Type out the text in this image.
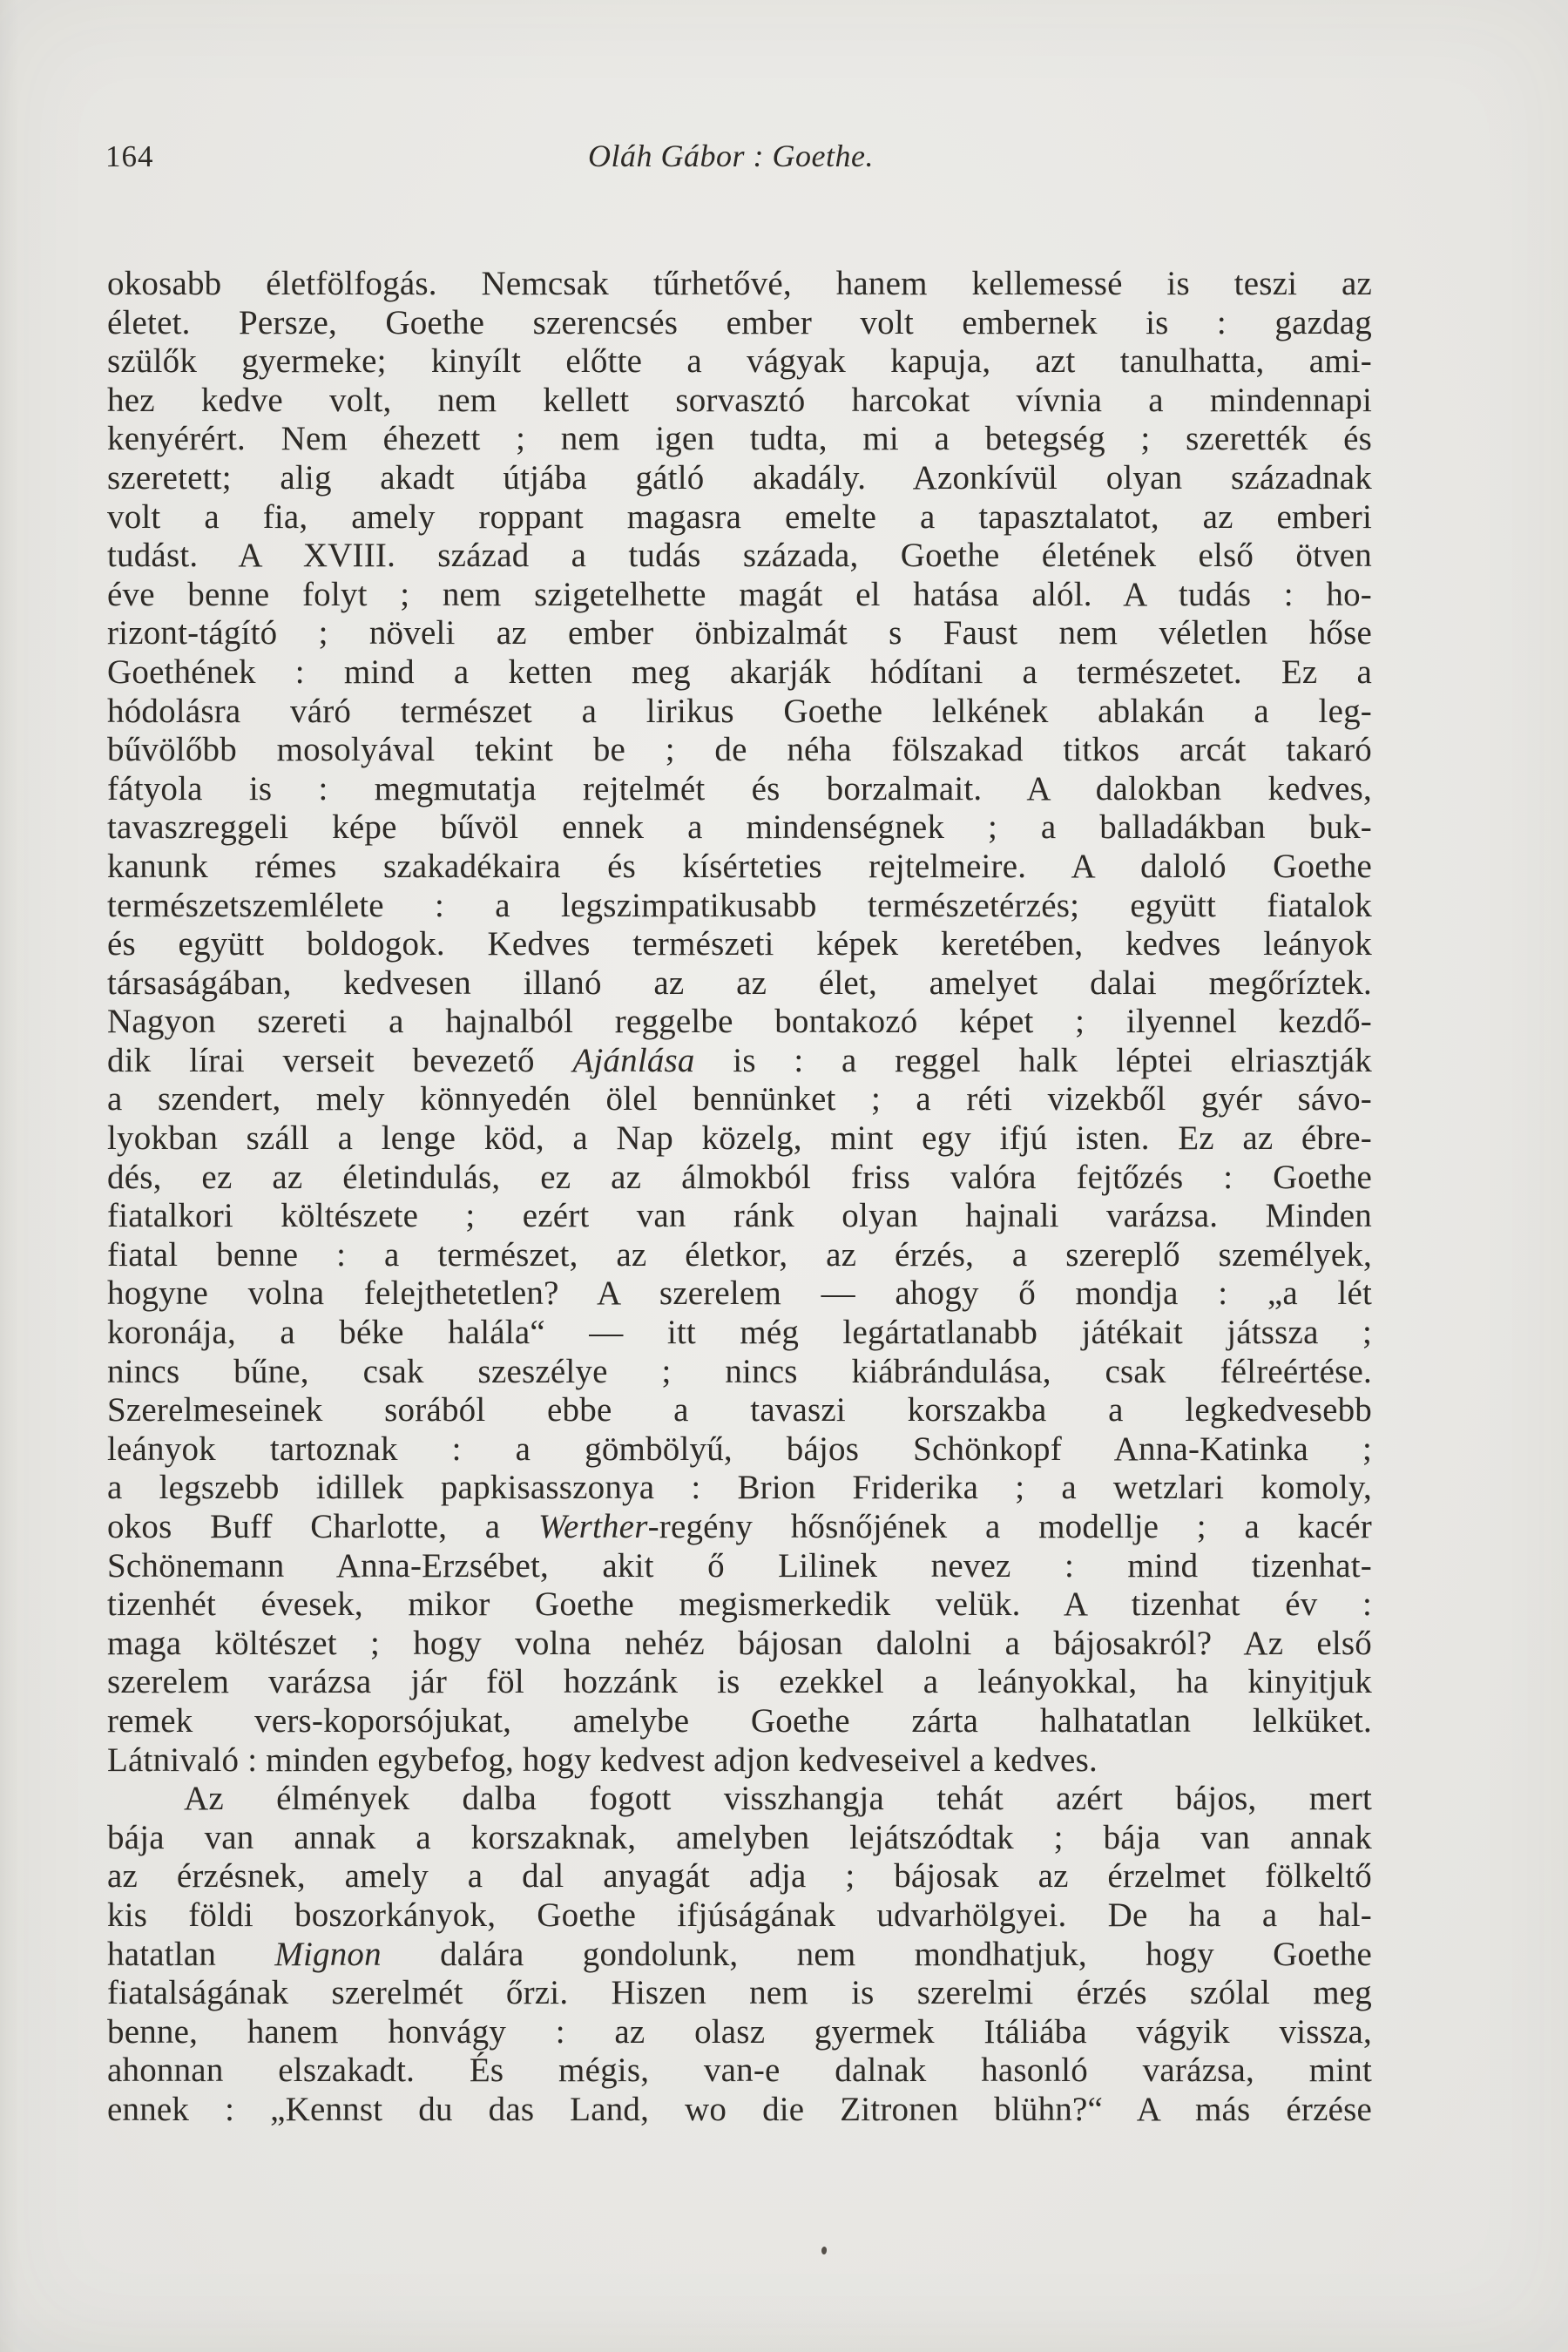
164	Oláh Gábor : Goethe.
okosabb életfölfogás. Nemcsak tűrhetővé, hanem kellemessé is teszi az
életet. Persze, Goethe szerencsés ember volt embernek is : gazdag
szülők gyermeke; kinyílt előtte a vágyak kapuja, azt tanulhatta, ami-
hez kedve volt, nem kellett sorvasztó harcokat vívnia a mindennapi
kenyérért. Nem éhezett ; nem igen tudta, mi a betegség ; szerették és
szeretett; alig akadt útjába gátló akadály. Azonkívül olyan századnak
volt a fia, amely roppant magasra emelte a tapasztalatot, az emberi
tudást. A XVIII. század a tudás százada, Goethe életének első ötven
éve benne folyt ; nem szigetelhette magát el hatása alól. A tudás : ho-
rizont-tágító ; növeli az ember önbizalmát s Faust nem véletlen hőse
Goethének : mind a ketten meg akarják hódítani a természetet. Ez a
hódolásra váró természet a lirikus Goethe lelkének ablakán a leg-
bűvölőbb mosolyával tekint be ; de néha fölszakad titkos arcát takaró
fátyola is : megmutatja rejtelmét és borzalmait. A dalokban kedves,
tavaszreggeli képe bűvöl ennek a mindenségnek ; a balladákban buk-
kanunk rémes szakadékaira és kísérteties rejtelmeire. A daloló Goethe
természetszemlélete : a legszimpatikusabb természetérzés; együtt fiatalok
és együtt boldogok. Kedves természeti képek keretében, kedves leányok
társaságában, kedvesen illanó az az élet, amelyet dalai megőríztek.
Nagyon szereti a hajnalból reggelbe bontakozó képet ; ilyennel kezdő-
dik lírai verseit bevezető Ajánlása is : a reggel halk léptei elriasztják
a szendert, mely könnyedén ölel bennünket ; a réti vizekből gyér sávo-
lyokban száll a lenge köd, a Nap közelg, mint egy ifjú isten. Ez az ébre-
dés, ez az életindulás, ez az álmokból friss valóra fejtőzés : Goethe
fiatalkori költészete ; ezért van ránk olyan hajnali varázsa. Minden
fiatal benne : a természet, az életkor, az érzés, a szereplő személyek,
hogyne volna felejthetetlen? A szerelem — ahogy ő mondja : „a lét
koronája, a béke halála“ — itt még legártatlanabb játékait játssza ;
nincs bűne, csak szeszélye ; nincs kiábrándulása, csak félreértése.
Szerelmeseinek sorából ebbe a tavaszi korszakba a legkedvesebb
leányok tartoznak : a gömbölyű, bájos Schönkopf Anna-Katinka ;
a legszebb idillek papkisasszonya : Brion Friderika ; a wetzlari komoly,
okos Buff Charlotte, a Werther-regény hősnőjének a modellje ; a kacér
Schönemann Anna-Erzsébet, akit ő Lilinek nevez : mind tizenhat-
tizenhét évesek, mikor Goethe megismerkedik velük. A tizenhat év :
maga költészet ; hogy volna nehéz bájosan dalolni a bájosakról? Az első
szerelem varázsa jár föl hozzánk is ezekkel a leányokkal, ha kinyitjuk
remek vers-koporsójukat, amelybe Goethe zárta halhatatlan lelküket.
Látnivaló : minden egybefog, hogy kedvest adjon kedveseivel a kedves.
Az élmények dalba fogott visszhangja tehát azért bájos, mert
bája van annak a korszaknak, amelyben lejátszódtak ; bája van annak
az érzésnek, amely a dal anyagát adja ; bájosak az érzelmet fölkeltő
kis földi boszorkányok, Goethe ifjúságának udvarhölgyei. De ha a hal-
hatatlan Mignon dalára gondolunk, nem mondhatjuk, hogy Goethe
fiatalságának szerelmét őrzi. Hiszen nem is szerelmi érzés szólal meg
benne, hanem honvágy : az olasz gyermek Itáliába vágyik vissza,
ahonnan elszakadt. És mégis, van-e dalnak hasonló varázsa, mint
ennek : „Kennst du das Land, wo die Zitronen blühn?“ A más érzése
